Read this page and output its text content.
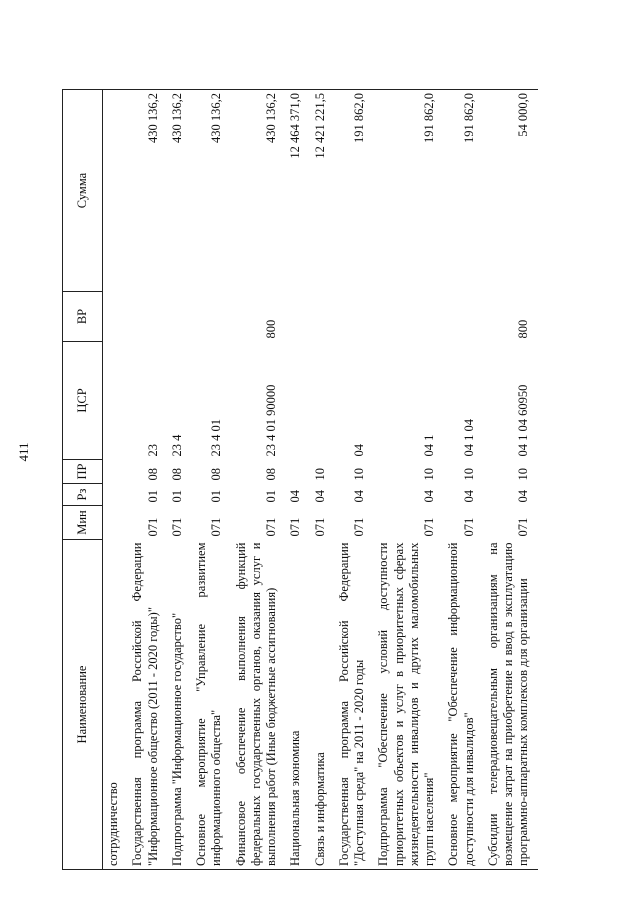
411
Наименование	Мин	Рз	ПР	ЦСР	ВР	Сумма
сотрудничество						
Государственная программа Российской Федерации "Информационное общество (2011 - 2020 годы)"	071	01	08	23		430 136,2
Подпрограмма "Информационное государство"	071	01	08	23 4		430 136,2
Основное мероприятие "Управление развитием информационного общества"	071	01	08	23 4 01		430 136,2
Финансовое обеспечение выполнения функций федеральных государственных органов, оказания услуг и выполнения работ (Иные бюджетные ассигнования)	071	01	08	23 4 01 90000	800	430 136,2
Национальная экономика	071	04				12 464 371,0
Связь и информатика	071	04	10			12 421 221,5
Государственная программа Российской Федерации "Доступная среда" на 2011 - 2020 годы	071	04	10	04		191 862,0
Подпрограмма "Обеспечение условий доступности приоритетных объектов и услуг в приоритетных сферах жизнедеятельности инвалидов и других маломобильных групп населения"	071	04	10	04 1		191 862,0
Основное мероприятие "Обеспечение информационной доступности для инвалидов"	071	04	10	04 1 04		191 862,0
Субсидии телерадиовещательным организациям на возмещение затрат на приобретение и ввод в эксплуатацию программно-аппаратных комплексов для организации	071	04	10	04 1 04 60950	800	54 000,0
